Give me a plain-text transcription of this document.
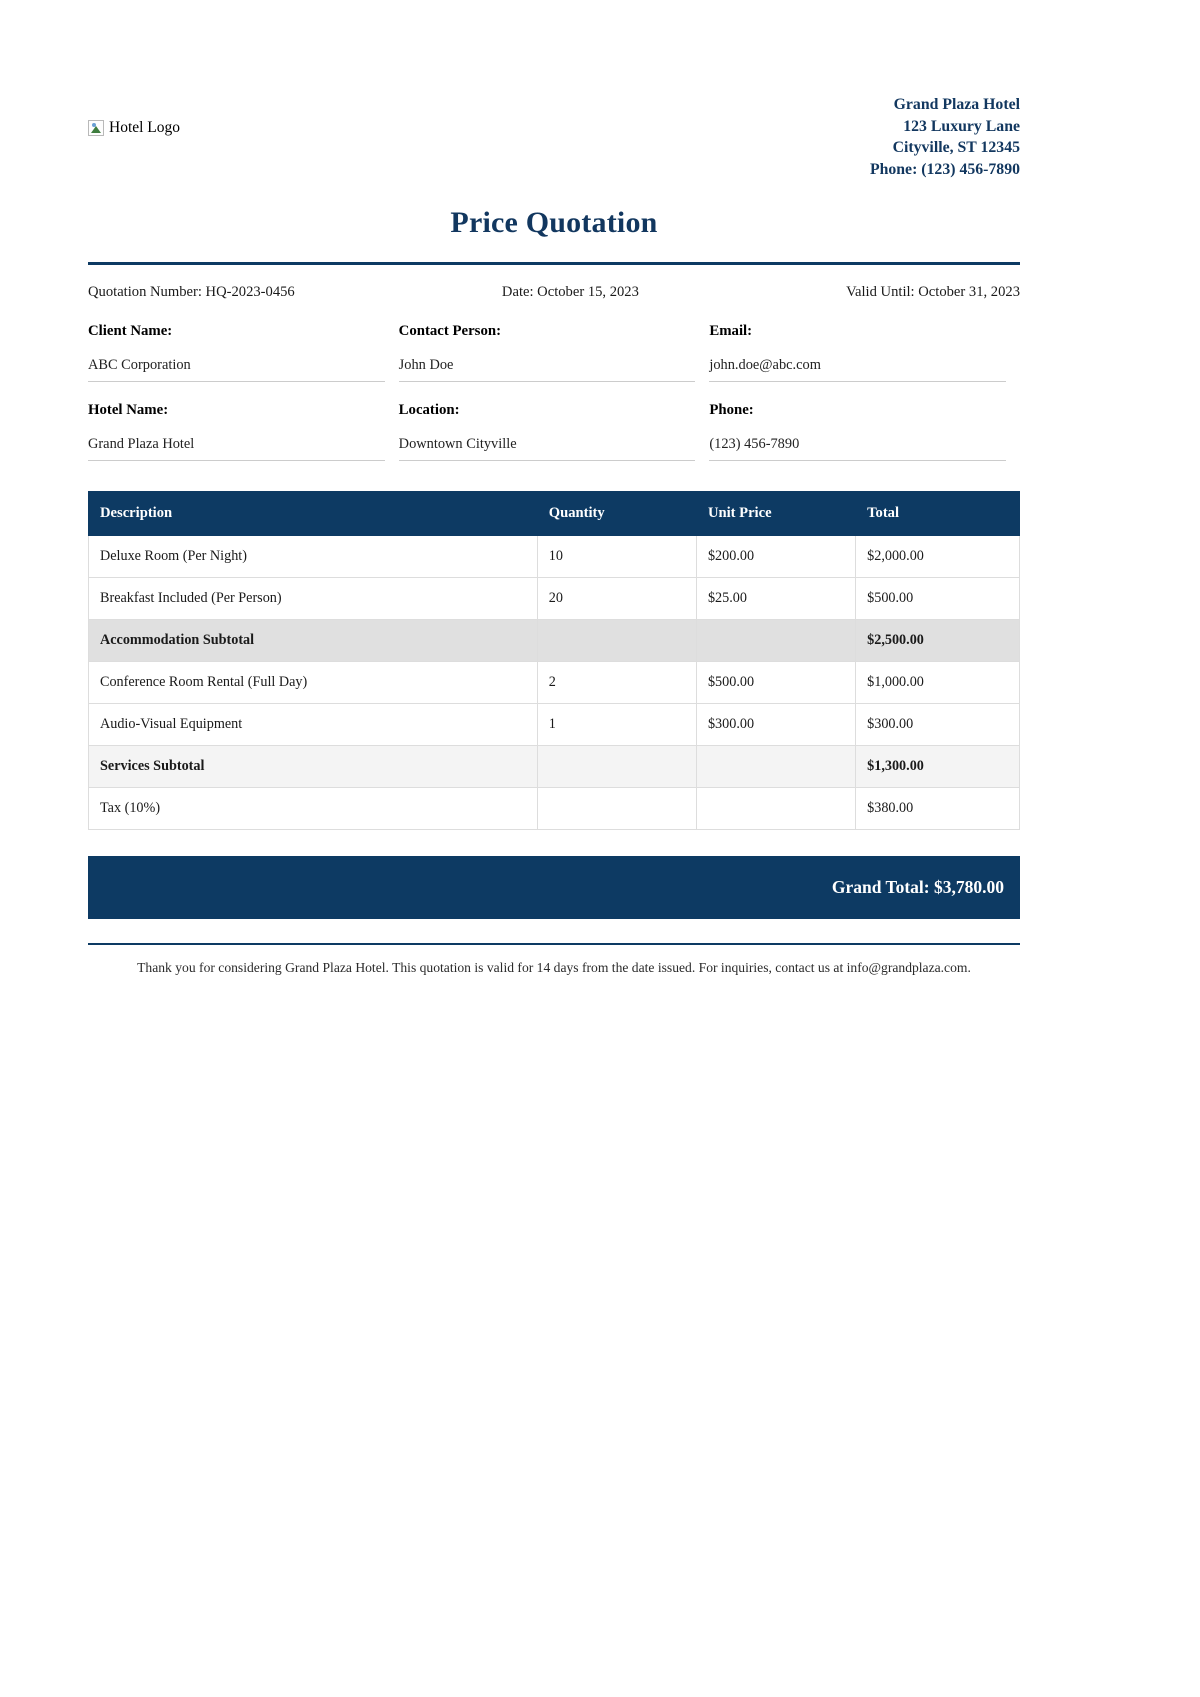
Hotel Logo
Grand Plaza Hotel
123 Luxury Lane
Cityville, ST 12345
Phone: (123) 456-7890
Price Quotation
Quotation Number: HQ-2023-0456	Date: October 15, 2023	Valid Until: October 31, 2023
Client Name:
ABC Corporation
Contact Person:
John Doe
Email:
john.doe@abc.com
Hotel Name:
Grand Plaza Hotel
Location:
Downtown Cityville
Phone:
(123) 456-7890
Description	Quantity	Unit Price	Total
Deluxe Room (Per Night)	10	$200.00	$2,000.00
Breakfast Included (Per Person)	20	$25.00	$500.00
Accommodation Subtotal			$2,500.00
Conference Room Rental (Full Day)	2	$500.00	$1,000.00
Audio-Visual Equipment	1	$300.00	$300.00
Services Subtotal			$1,300.00
Tax (10%)			$380.00
Grand Total: $3,780.00
Thank you for considering Grand Plaza Hotel. This quotation is valid for 14 days from the date issued. For inquiries, contact us at info@grandplaza.com.
